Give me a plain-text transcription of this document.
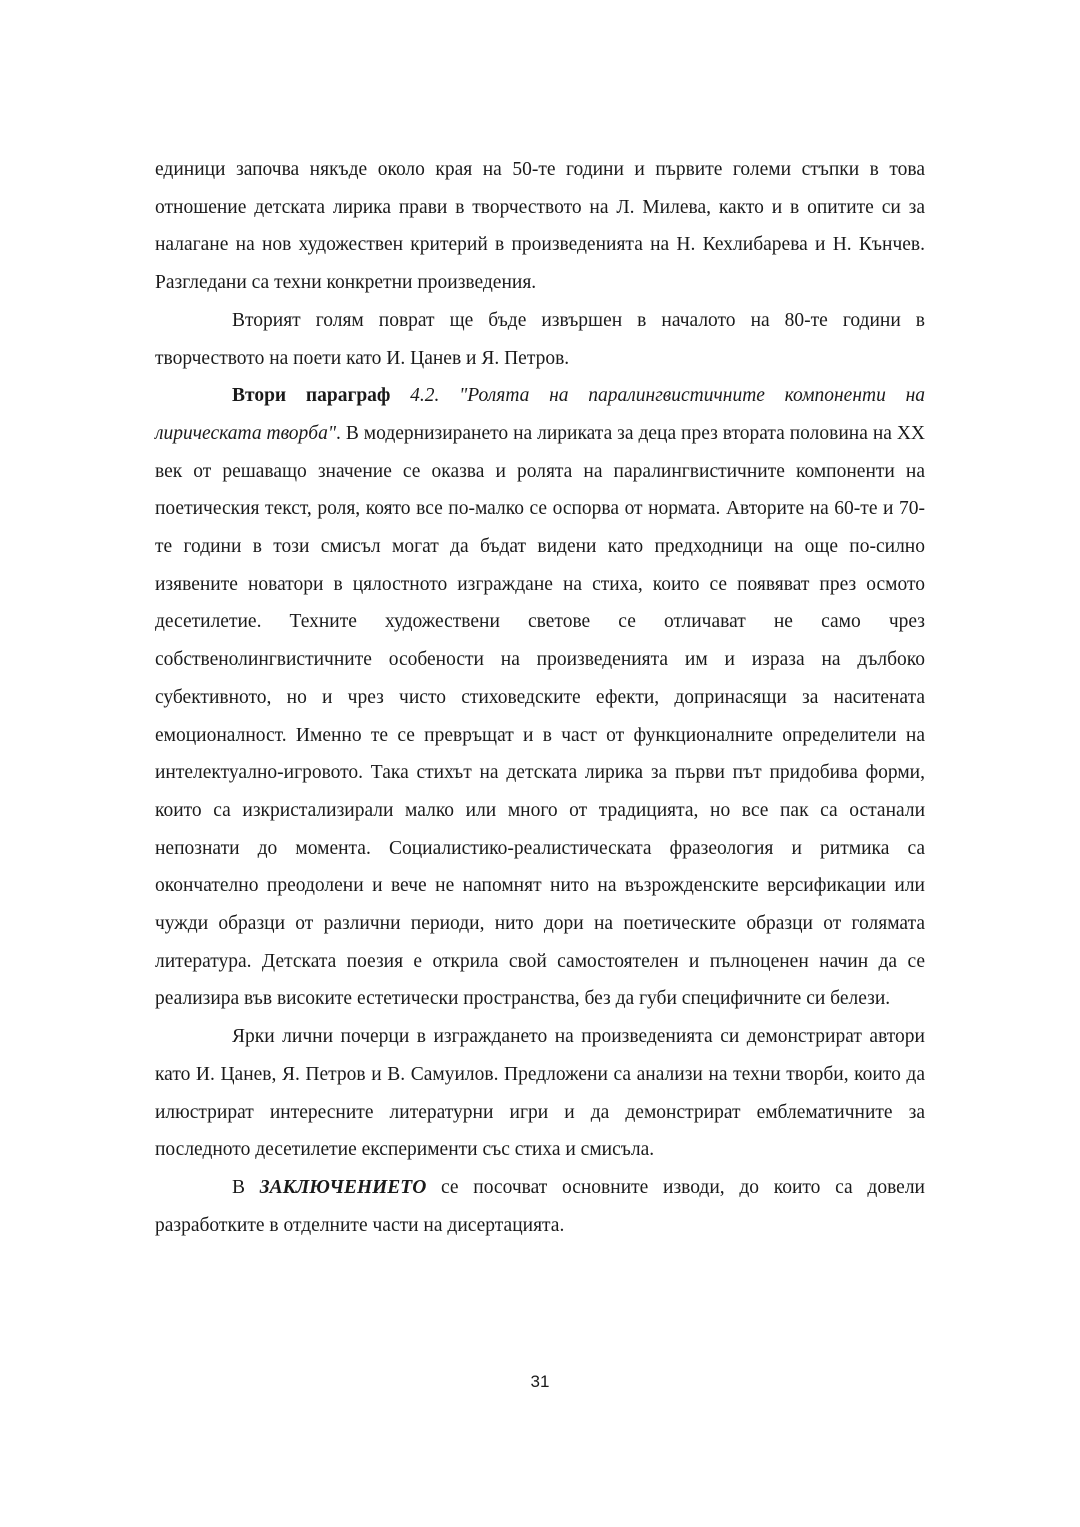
единици започва някъде около края на 50-те години и първите големи стъпки в това отношение детската лирика прави в творчеството на Л. Милева, както и в опитите си за налагане на нов художествен критерий в произведенията на Н. Кехлибарева и Н. Кънчев. Разгледани са техни конкретни произведения.

Вторият голям поврат ще бъде извършен в началото на 80-те години в творчеството на поети като И. Цанев и Я. Петров.

Втори параграф 4.2. "Ролята на паралингвистичните компоненти на лирическата творба". В модернизирането на лириката за деца през втората половина на XX век от решаващо значение се оказва и ролята на паралингвистичните компоненти на поетическия текст, роля, която все по-малко се оспорва от нормата. Авторите на 60-те и 70-те години в този смисъл могат да бъдат видени като предходници на още по-силно изявените новатори в цялостното изграждане на стиха, които се появяват през осмото десетилетие. Техните художествени светове се отличават не само чрез собственолингвистичните особености на произведенията им и израза на дълбоко субективното, но и чрез чисто стиховедските ефекти, допринасящи за наситената емоционалност. Именно те се превръщат и в част от функционалните определители на интелектуално-игровото. Така стихът на детската лирика за първи път придобива форми, които са изкристализирали малко или много от традицията, но все пак са останали непознати до момента. Социалистико-реалистическата фразеология и ритмика са окончателно преодолени и вече не напомнят нито на възрожденските версификации или чужди образци от различни периоди, нито дори на поетическите образци от голямата литература. Детската поезия е открила свой самостоятелен и пълноценен начин да се реализира във високите естетически пространства, без да губи специфичните си белези.

Ярки лични почерци в изграждането на произведенията си демонстрират автори като И. Цанев, Я. Петров и В. Самуилов. Предложени са анализи на техни творби, които да илюстрират интересните литературни игри и да демонстрират емблематичните за последното десетилетие експерименти със стиха и смисъла.

В ЗАКЛЮЧЕНИЕТО се посочват основните изводи, до които са довели разработките в отделните части на дисертацията.

31
